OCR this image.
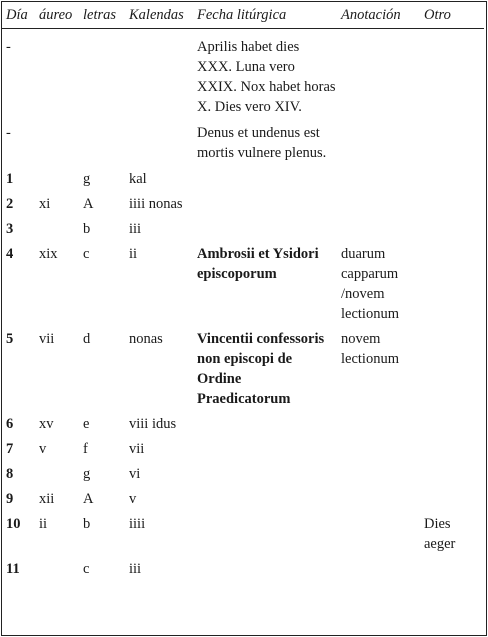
Día	áureo	letras	Kalendas	Fecha litúrgica	Anotación	Otro
-				Aprilis habet dies XXX. Luna vero XXIX. Nox habet horas X. Dies vero XIV.		
-				Denus et undenus est mortis vulnere plenus.		
1		g	kal			
2	xi	A	iiii nonas			
3		b	iii			
4	xix	c	ii	Ambrosii et Ysidori episcoporum	duarum capparum /novem lectionum	
5	vii	d	nonas	Vincentii confessoris non episcopi de Ordine Praedicatorum	novem lectionum	
6	xv	e	viii idus			
7	v	f	vii			
8		g	vi			
9	xii	A	v			
10	ii	b	iiii			Dies aeger
11		c	iii			
